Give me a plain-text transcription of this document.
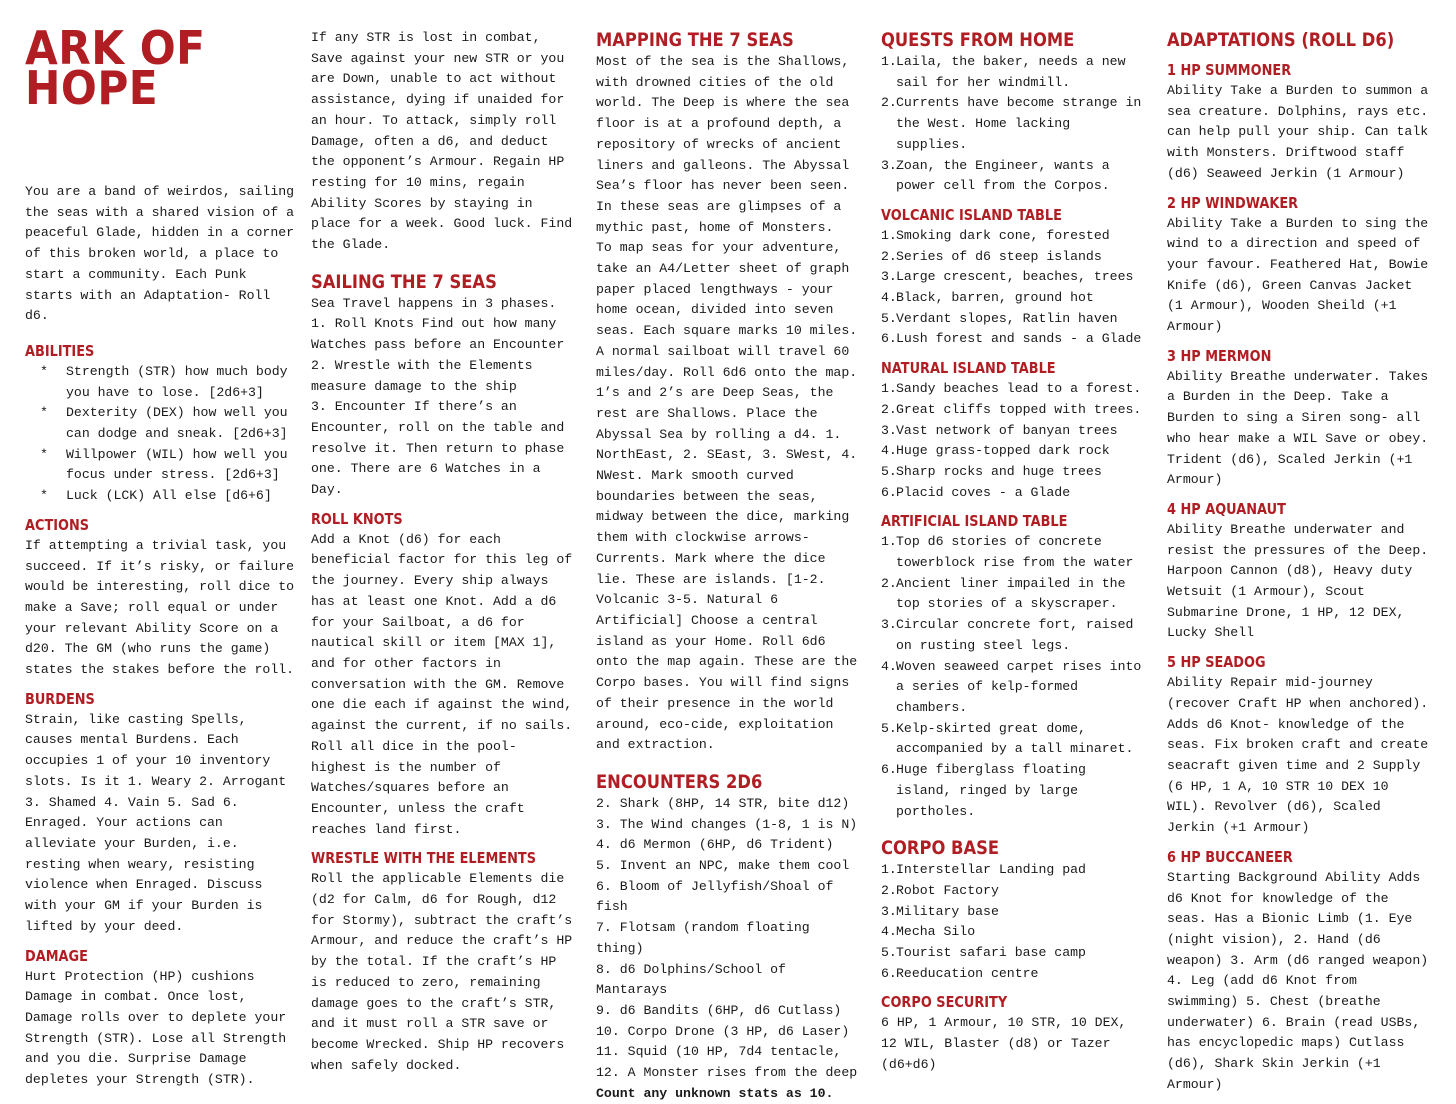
ARK OF HOPE

You are a band of weirdos, sailing the seas with a shared vision of a peaceful Glade, hidden in a corner of this broken world, a place to start a community. Each Punk starts with an Adaptation- Roll d6.

ABILITIES
* Strength (STR) how much body you have to lose. [2d6+3]
* Dexterity (DEX) how well you can dodge and sneak. [2d6+3]
* Willpower (WIL) how well you focus under stress. [2d6+3]
* Luck (LCK) All else [d6+6]
ACTIONS

If attempting a trivial task, you succeed. If it’s risky, or failure would be interesting, roll dice to make a Save; roll equal or under your relevant Ability Score on a d20. The GM (who runs the game) states the stakes before the roll.

BURDENS

Strain, like casting Spells, causes mental Burdens. Each occupies 1 of your 10 inventory slots. Is it 1. Weary 2. Arrogant 3. Shamed 4. Vain 5. Sad 6. Enraged. Your actions can alleviate your Burden, i.e. resting when weary, resisting violence when Enraged. Discuss with your GM if your Burden is lifted by your deed.

DAMAGE

Hurt Protection (HP) cushions Damage in combat. Once lost, Damage rolls over to deplete your Strength (STR). Lose all Strength and you die. Surprise Damage depletes your Strength (STR).

If any STR is lost in combat, Save against your new STR or you are Down, unable to act without assistance, dying if unaided for an hour. To attack, simply roll Damage, often a d6, and deduct the opponent’s Armour. Regain HP resting for 10 mins, regain Ability Scores by staying in place for a week. Good luck. Find the Glade.

SAILING THE 7 SEAS

Sea Travel happens in 3 phases.

1. Roll Knots Find out how many Watches pass before an Encounter

2. Wrestle with the Elements measure damage to the ship

3. Encounter If there’s an Encounter, roll on the table and resolve it. Then return to phase one. There are 6 Watches in a Day.

ROLL KNOTS

Add a Knot (d6) for each beneficial factor for this leg of the journey. Every ship always has at least one Knot. Add a d6 for your Sailboat, a d6 for nautical skill or item [MAX 1], and for other factors in conversation with the GM. Remove one die each if against the wind, against the current, if no sails. Roll all dice in the pool- highest is the number of Watches/squares before an Encounter, unless the craft reaches land first.

WRESTLE WITH THE ELEMENTS

Roll the applicable Elements die (d2 for Calm, d6 for Rough, d12 for Stormy), subtract the craft’s Armour, and reduce the craft’s HP by the total. If the craft’s HP is reduced to zero, remaining damage goes to the craft’s STR, and it must roll a STR save or become Wrecked. Ship HP recovers when safely docked.

MAPPING THE 7 SEAS

Most of the sea is the Shallows, with drowned cities of the old world. The Deep is where the sea floor is at a profound depth, a repository of wrecks of ancient liners and galleons. The Abyssal Sea’s floor has never been seen. In these seas are glimpses of a mythic past, home of Monsters.

To map seas for your adventure, take an A4/Letter sheet of graph paper placed lengthways - your home ocean, divided into seven seas. Each square marks 10 miles. A normal sailboat will travel 60 miles/day. Roll 6d6 onto the map. 1’s and 2’s are Deep Seas, the rest are Shallows. Place the Abyssal Sea by rolling a d4. 1. NorthEast, 2. SEast, 3. SWest, 4. NWest. Mark smooth curved boundaries between the seas, midway between the dice, marking them with clockwise arrows- Currents. Mark where the dice lie. These are islands. [1-2. Volcanic 3-5. Natural 6 Artificial] Choose a central island as your Home. Roll 6d6 onto the map again. These are the Corpo bases. You will find signs of their presence in the world around, eco-cide, exploitation and extraction.

ENCOUNTERS 2D6

2. Shark (8HP, 14 STR, bite d12)

3. The Wind changes (1-8, 1 is N)

4. d6 Mermon (6HP, d6 Trident)

5. Invent an NPC, make them cool

6. Bloom of Jellyfish/Shoal of fish

7. Flotsam (random floating thing)

8. d6 Dolphins/School of Mantarays

9. d6 Bandits (6HP, d6 Cutlass)

10. Corpo Drone (3 HP, d6 Laser)

11. Squid (10 HP, 7d4 tentacle,

12. A Monster rises from the deep

Count any unknown stats as 10.

QUESTS FROM HOME
1. Laila, the baker, needs a new sail for her windmill.
2. Currents have become strange in the West. Home lacking supplies.
3. Zoan, the Engineer, wants a power cell from the Corpos.
VOLCANIC ISLAND TABLE
1. Smoking dark cone, forested
2. Series of d6 steep islands
3. Large crescent, beaches, trees
4. Black, barren, ground hot
5. Verdant slopes, Ratlin haven
6. Lush forest and sands - a Glade
NATURAL ISLAND TABLE
1. Sandy beaches lead to a forest.
2. Great cliffs topped with trees.
3. Vast network of banyan trees
4. Huge grass-topped dark rock
5. Sharp rocks and huge trees
6. Placid coves - a Glade
ARTIFICIAL ISLAND TABLE
1. Top d6 stories of concrete towerblock rise from the water
2. Ancient liner impailed in the top stories of a skyscraper.
3. Circular concrete fort, raised on rusting steel legs.
4. Woven seaweed carpet rises into a series of kelp-formed chambers.
5. Kelp-skirted great dome, accompanied by a tall minaret.
6. Huge fiberglass floating island, ringed by large portholes.
CORPO BASE
1. Interstellar Landing pad
2. Robot Factory
3. Military base
4. Mecha Silo
5. Tourist safari base camp
6. Reeducation centre
CORPO SECURITY

6 HP, 1 Armour, 10 STR, 10 DEX, 12 WIL, Blaster (d8) or Tazer (d6+d6)

ADAPTATIONS (ROLL D6)
1 HP SUMMONER

Ability Take a Burden to summon a sea creature. Dolphins, rays etc. can help pull your ship. Can talk with Monsters. Driftwood staff (d6) Seaweed Jerkin (1 Armour)

2 HP WINDWAKER

Ability Take a Burden to sing the wind to a direction and speed of your favour. Feathered Hat, Bowie Knife (d6), Green Canvas Jacket (1 Armour), Wooden Sheild (+1 Armour)

3 HP MERMON

Ability Breathe underwater. Takes a Burden in the Deep. Take a Burden to sing a Siren song- all who hear make a WIL Save or obey. Trident (d6), Scaled Jerkin (+1 Armour)

4 HP AQUANAUT

Ability Breathe underwater and resist the pressures of the Deep. Harpoon Cannon (d8), Heavy duty Wetsuit (1 Armour), Scout Submarine Drone, 1 HP, 12 DEX, Lucky Shell

5 HP SEADOG

Ability Repair mid-journey (recover Craft HP when anchored). Adds d6 Knot- knowledge of the seas. Fix broken craft and create seacraft given time and 2 Supply (6 HP, 1 A, 10 STR 10 DEX 10 WIL). Revolver (d6), Scaled Jerkin (+1 Armour)

6 HP BUCCANEER

Starting Background Ability Adds d6 Knot for knowledge of the seas. Has a Bionic Limb (1. Eye (night vision), 2. Hand (d6 weapon) 3. Arm (d6 ranged weapon) 4. Leg (add d6 Knot from swimming) 5. Chest (breathe underwater) 6. Brain (read USBs, has encyclopedic maps) Cutlass (d6), Shark Skin Jerkin (+1 Armour)
